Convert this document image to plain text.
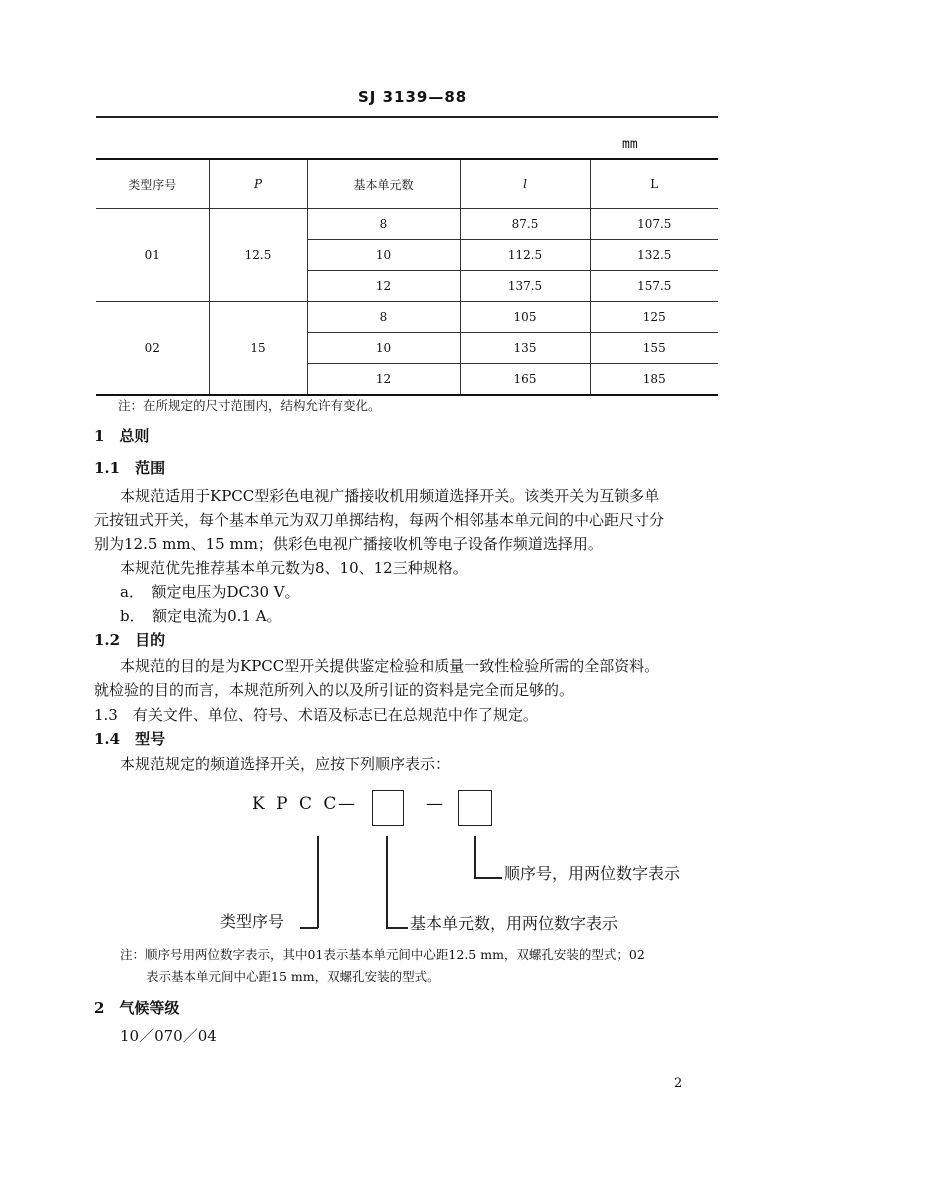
SJ 3139—88
mm
类型序号	P	基本单元数	l	L
01	12.5	8	87.5	107.5
		10	112.5	132.5
		12	137.5	157.5
02	15	8	105	125
		10	135	155
		12	165	185
注：在所规定的尺寸范围内，结构允许有变化。
1　总则
1.1　范围
本规范适用于KPCC型彩色电视广播接收机用频道选择开关。该类开关为互锁多单
元按钮式开关，每个基本单元为双刀单掷结构，每两个相邻基本单元间的中心距尺寸分
别为12.5 mm、15 mm；供彩色电视广播接收机等电子设备作频道选择用。
本规范优先推荐基本单元数为8、10、12三种规格。
a．　额定电压为DC30 V。
b．　额定电流为0.1 A。
1.2　目的
本规范的目的是为KPCC型开关提供鉴定检验和质量一致性检验所需的全部资料。
就检验的目的而言，本规范所列入的以及所引证的资料是完全而足够的。
1.3　有关文件、单位、符号、术语及标志已在总规范中作了规定。
1.4　型号
本规范规定的频道选择开关，应按下列顺序表示：
K P C C
—	—
顺序号，用两位数字表示
类型序号	基本单元数，用两位数字表示
注：顺序号用两位数字表示，其中01表示基本单元间中心距12.5 mm，双螺孔安装的型式；02
表示基本单元间中心距15 mm，双螺孔安装的型式。
2　气候等级
10／070／04
2
